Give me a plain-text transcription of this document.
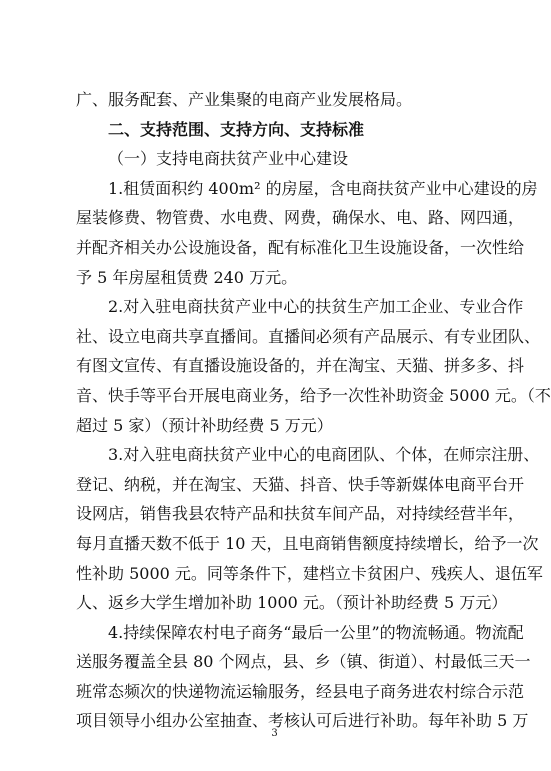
广、服务配套、产业集聚的电商产业发展格局。
二、支持范围、支持方向、支持标准
（一）支持电商扶贫产业中心建设
1.租赁面积约 400m² 的房屋，含电商扶贫产业中心建设的房
屋装修费、物管费、水电费、网费，确保水、电、路、网四通，
并配齐相关办公设施设备，配有标准化卫生设施设备，一次性给
予 5 年房屋租赁费 240 万元。
2.对入驻电商扶贫产业中心的扶贫生产加工企业、专业合作
社、设立电商共享直播间。直播间必须有产品展示、有专业团队、
有图文宣传、有直播设施设备的，并在淘宝、天猫、拼多多、抖
音、快手等平台开展电商业务，给予一次性补助资金 5000 元。（不
超过 5 家）（预计补助经费 5 万元）
3.对入驻电商扶贫产业中心的电商团队、个体，在师宗注册、
登记、纳税，并在淘宝、天猫、抖音、快手等新媒体电商平台开
设网店，销售我县农特产品和扶贫车间产品，对持续经营半年，
每月直播天数不低于 10 天，且电商销售额度持续增长，给予一次
性补助 5000 元。同等条件下，建档立卡贫困户、残疾人、退伍军
人、返乡大学生增加补助 1000 元。（预计补助经费 5 万元）
4.持续保障农村电子商务“最后一公里”的物流畅通。物流配
送服务覆盖全县 80 个网点，县、乡（镇、街道）、村最低三天一
班常态频次的快递物流运输服务，经县电子商务进农村综合示范
项目领导小组办公室抽查、考核认可后进行补助。每年补助 5 万
3
